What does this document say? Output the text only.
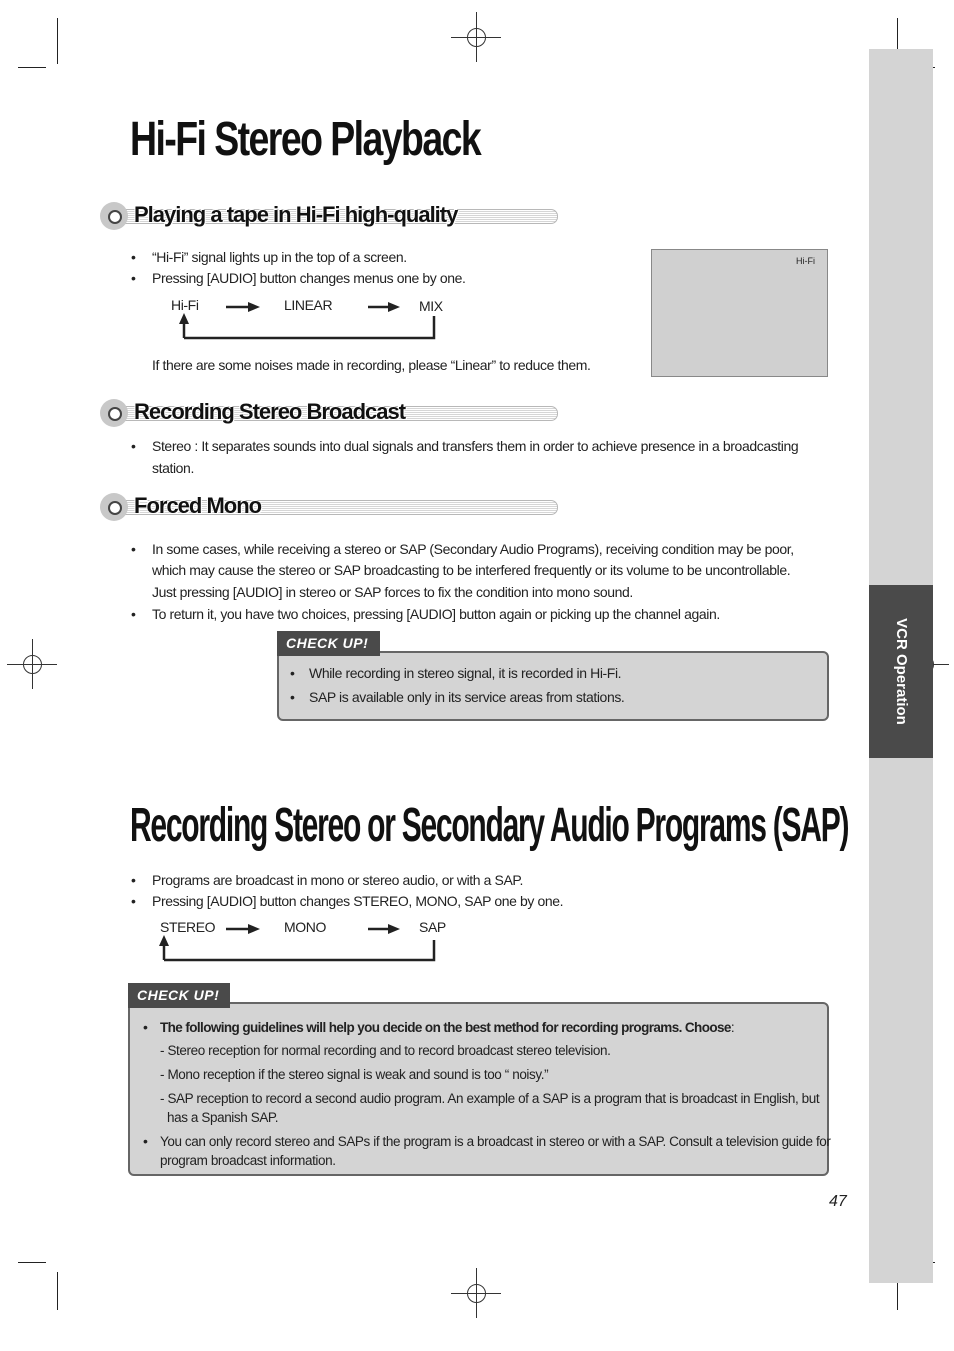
VCR Operation
Hi-Fi Stereo Playback
Playing a tape in Hi-Fi high-quality
• “Hi-Fi” signal lights up in the top of a screen.
• Pressing [AUDIO] button changes menus one by one.
Hi-Fi	LINEAR	MIX
If there are some noises made in recording, please “Linear” to reduce them.
Hi-Fi
Recording Stereo Broadcast
• Stereo : It separates sounds into dual signals and transfers them in order to achieve presence in a broadcasting
station.
Forced Mono
• In some cases, while receiving a stereo or SAP (Secondary Audio Programs), receiving condition may be poor,
which may cause the stereo or SAP broadcasting to be interfered frequently or its volume to be uncontrollable.
Just pressing [AUDIO] in stereo or SAP forces to fix the condition into mono sound.
• To return it, you have two choices, pressing [AUDIO] button again or picking up the channel again.
CHECK UP!
• While recording in stereo signal, it is recorded in Hi-Fi.
• SAP is available only in its service areas from stations.
Recording Stereo or Secondary Audio Programs (SAP)
• Programs are broadcast in mono or stereo audio, or with a SAP.
• Pressing [AUDIO] button changes STEREO, MONO, SAP one by one.
STEREO	MONO	SAP
CHECK UP!
• The following guidelines will help you decide on the best method for recording programs. Choose:
- Stereo reception for normal recording and to record broadcast stereo television.
- Mono reception if the stereo signal is weak and sound is too “ noisy.”
- SAP reception to record a second audio program. An example of a SAP is a program that is broadcast in English, but
has a Spanish SAP.
• You can only record stereo and SAPs if the program is a broadcast in stereo or with a SAP. Consult a television guide for
program broadcast information.
47
